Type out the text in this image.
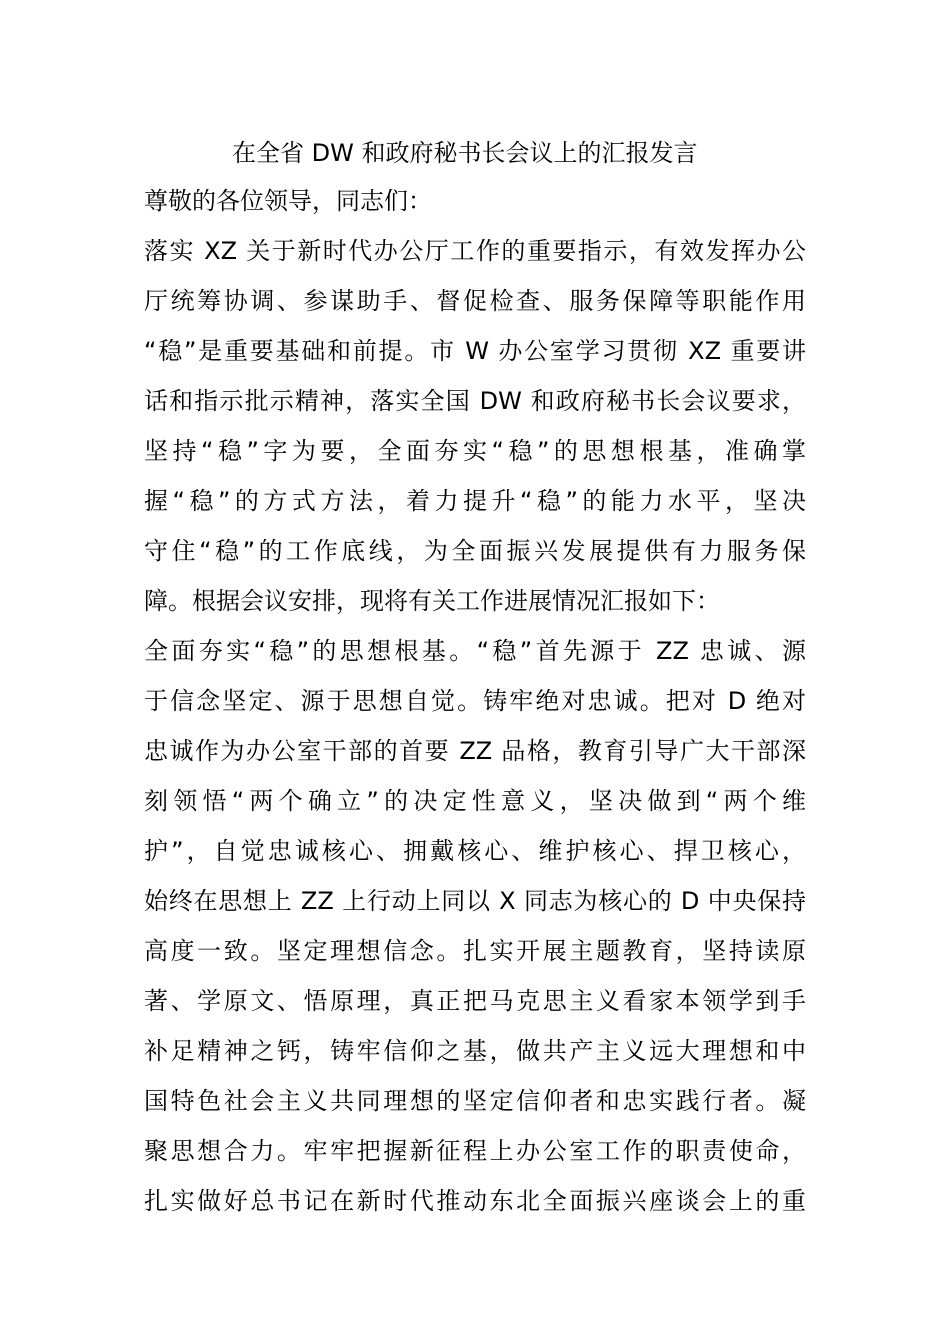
在全省 DW 和政府秘书长会议上的汇报发言
尊敬的各位领导，同志们：
落实 XZ 关于新时代办公厅工作的重要指示，有效发挥办公
厅统筹协调、参谋助手、督促检查、服务保障等职能作用
“稳”是重要基础和前提。市 W 办公室学习贯彻 XZ 重要讲
话和指示批示精神，落实全国 DW 和政府秘书长会议要求，
坚持“稳”字为要，全面夯实“稳”的思想根基，准确掌
握“稳”的方式方法，着力提升“稳”的能力水平，坚决
守住“稳”的工作底线，为全面振兴发展提供有力服务保
障。根据会议安排，现将有关工作进展情况汇报如下：
全面夯实“稳”的思想根基。“稳”首先源于 ZZ 忠诚、源
于信念坚定、源于思想自觉。铸牢绝对忠诚。把对 D 绝对
忠诚作为办公室干部的首要 ZZ 品格，教育引导广大干部深
刻领悟“两个确立”的决定性意义，坚决做到“两个维
护”，自觉忠诚核心、拥戴核心、维护核心、捍卫核心，
始终在思想上 ZZ 上行动上同以 X 同志为核心的 D 中央保持
高度一致。坚定理想信念。扎实开展主题教育，坚持读原
著、学原文、悟原理，真正把马克思主义看家本领学到手
补足精神之钙，铸牢信仰之基，做共产主义远大理想和中
国特色社会主义共同理想的坚定信仰者和忠实践行者。凝
聚思想合力。牢牢把握新征程上办公室工作的职责使命，
扎实做好总书记在新时代推动东北全面振兴座谈会上的重
